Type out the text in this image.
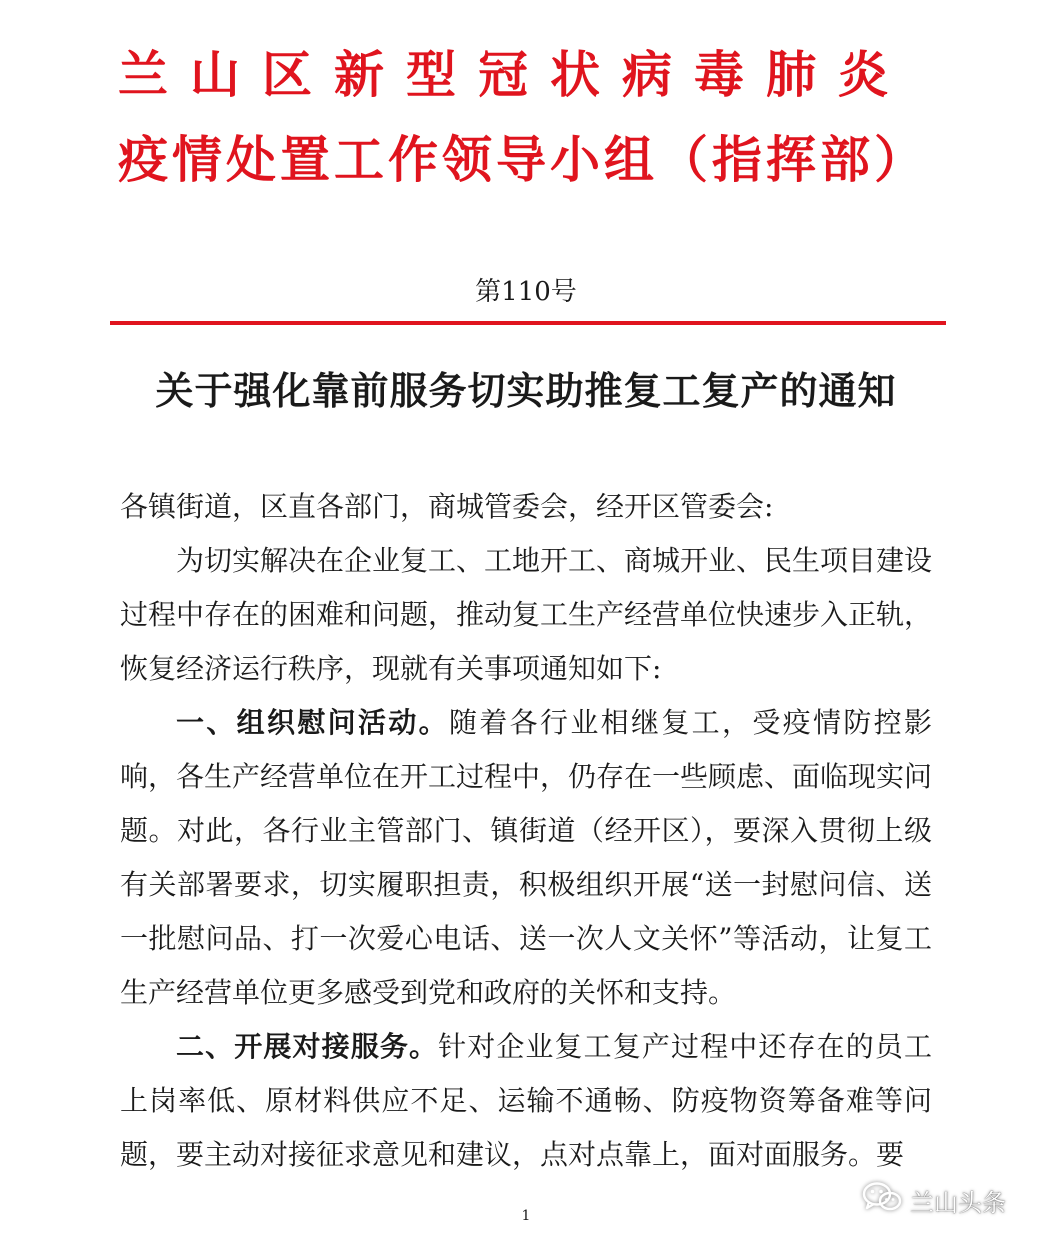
兰山区新型冠状病毒肺炎
疫情处置工作领导小组（指挥部）
第110号
关于强化靠前服务切实助推复工复产的通知

各镇街道，区直各部门，商城管委会，经开区管委会:

为切实解决在企业复工、工地开工、商城开业、民生项目建设过程中存在的困难和问题，推动复工生产经营单位快速步入正轨，恢复经济运行秩序，现就有关事项通知如下:

一、组织慰问活动。随着各行业相继复工，受疫情防控影响，各生产经营单位在开工过程中，仍存在一些顾虑、面临现实问题。对此，各行业主管部门、镇街道（经开区），要深入贯彻上级有关部署要求，切实履职担责，积极组织开展“送一封慰问信、送一批慰问品、打一次爱心电话、送一次人文关怀”等活动，让复工生产经营单位更多感受到党和政府的关怀和支持。

二、开展对接服务。针对企业复工复产过程中还存在的员工上岗率低、原材料供应不足、运输不通畅、防疫物资筹备难等问题，要主动对接征求意见和建议，点对点靠上，面对面服务。要

1	兰山头条
